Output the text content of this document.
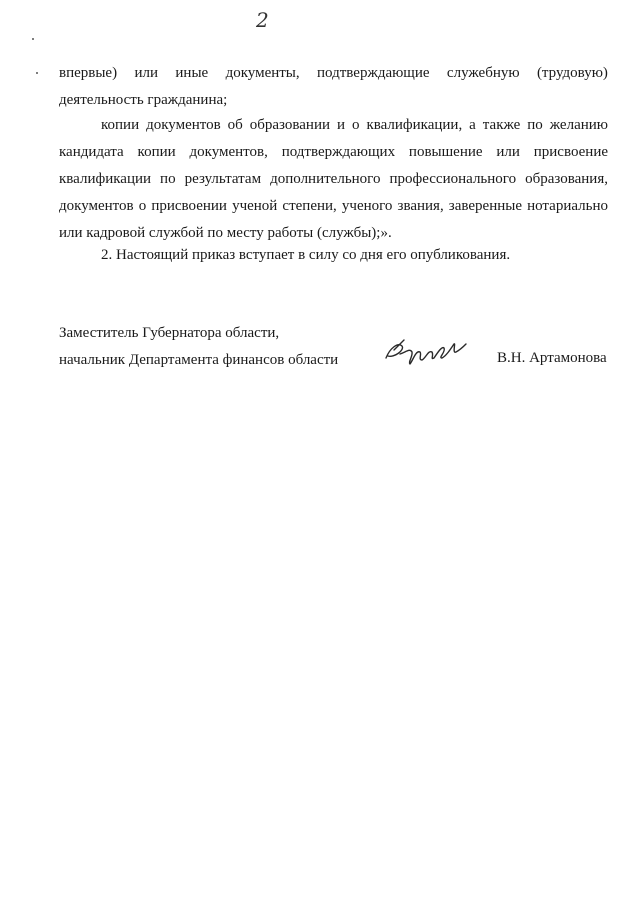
2
впервые) или иные документы, подтверждающие служебную (трудовую)
деятельность гражданина;
копии документов об образовании и о квалификации, а также по желанию
кандидата копии документов, подтверждающих повышение или присвоение
квалификации по результатам дополнительного профессионального образования,
документов о присвоении ученой степени, ученого звания, заверенные нотариально
или кадровой службой по месту работы (службы);».
2. Настоящий приказ вступает в силу со дня его опубликования.
Заместитель Губернатора области,
начальник Департамента финансов области	В.Н. Артамонова
